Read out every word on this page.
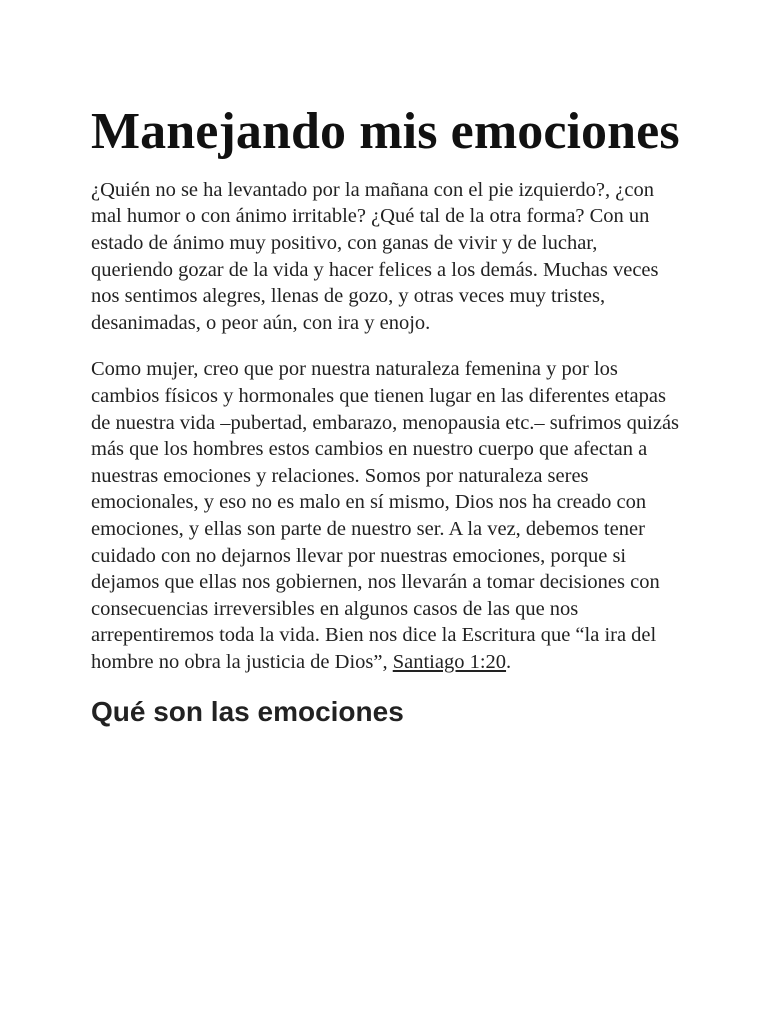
Manejando mis emociones

¿Quién no se ha levantado por la mañana con el pie izquierdo?, ¿con mal humor o con ánimo irritable? ¿Qué tal de la otra forma? Con un estado de ánimo muy positivo, con ganas de vivir y de luchar, queriendo gozar de la vida y hacer felices a los demás. Muchas veces nos sentimos alegres, llenas de gozo, y otras veces muy tristes, desanimadas, o peor aún, con ira y enojo.

Como mujer, creo que por nuestra naturaleza femenina y por los cambios físicos y hormonales que tienen lugar en las diferentes etapas de nuestra vida –pubertad, embarazo, menopausia etc.– sufrimos quizás más que los hombres estos cambios en nuestro cuerpo que afectan a nuestras emociones y relaciones. Somos por naturaleza seres emocionales, y eso no es malo en sí mismo, Dios nos ha creado con emociones, y ellas son parte de nuestro ser. A la vez, debemos tener cuidado con no dejarnos llevar por nuestras emociones, porque si dejamos que ellas nos gobiernen, nos llevarán a tomar decisiones con consecuencias irreversibles en algunos casos de las que nos arrepentiremos toda la vida. Bien nos dice la Escritura que “la ira del hombre no obra la justicia de Dios”, Santiago 1:20.

Qué son las emociones
